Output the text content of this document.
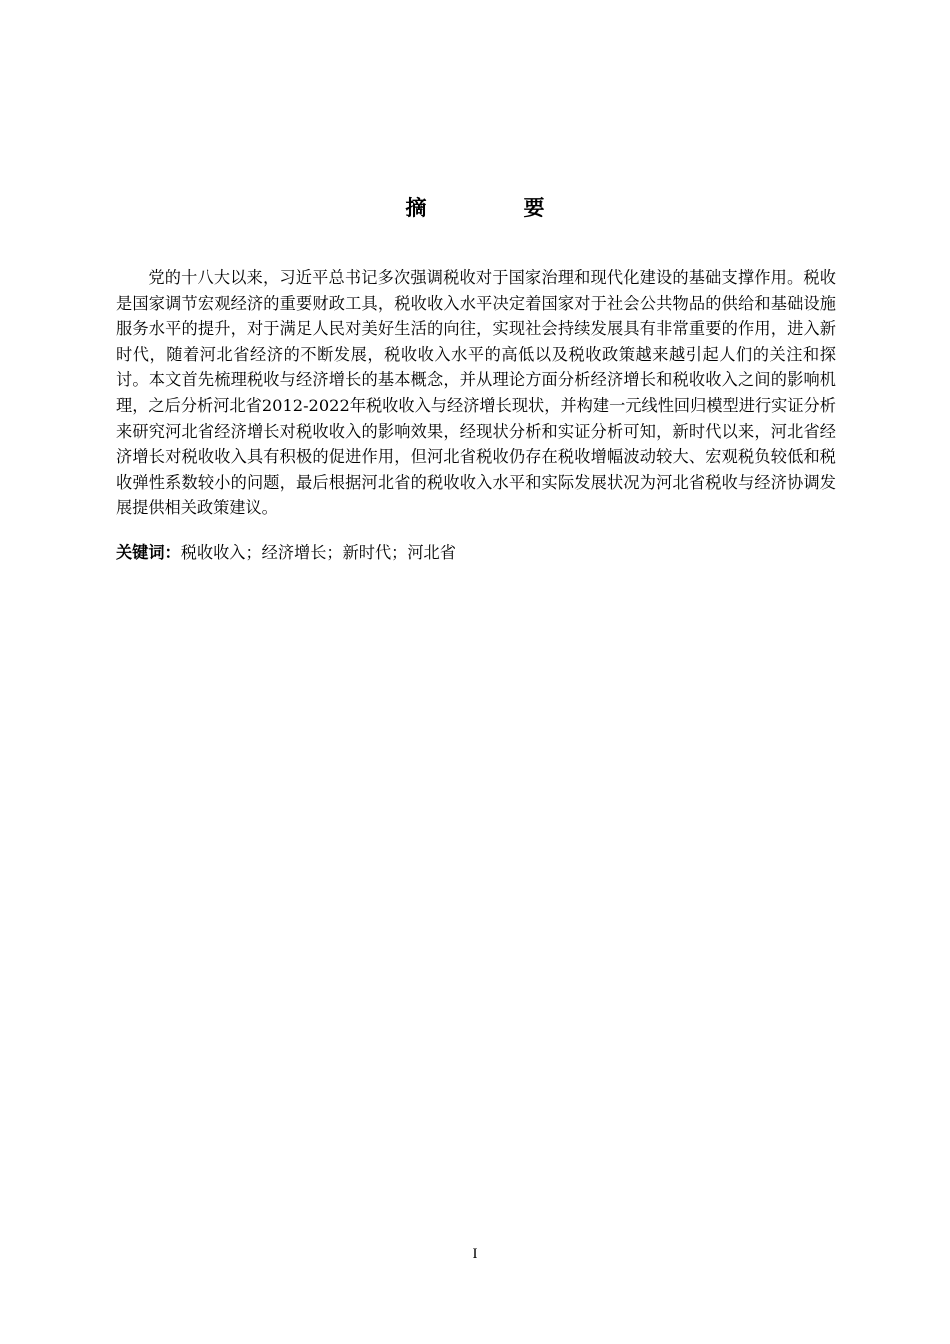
摘　要

党的十八大以来，习近平总书记多次强调税收对于国家治理和现代化建设的基础支撑作用。税收是国家调节宏观经济的重要财政工具，税收收入水平决定着国家对于社会公共物品的供给和基础设施服务水平的提升，对于满足人民对美好生活的向往，实现社会持续发展具有非常重要的作用，进入新时代，随着河北省经济的不断发展，税收收入水平的高低以及税收政策越来越引起人们的关注和探讨。本文首先梳理税收与经济增长的基本概念，并从理论方面分析经济增长和税收收入之间的影响机理，之后分析河北省2012-2022年税收收入与经济增长现状，并构建一元线性回归模型进行实证分析来研究河北省经济增长对税收收入的影响效果，经现状分析和实证分析可知，新时代以来，河北省经济增长对税收收入具有积极的促进作用，但河北省税收仍存在税收增幅波动较大、宏观税负较低和税收弹性系数较小的问题，最后根据河北省的税收收入水平和实际发展状况为河北省税收与经济协调发展提供相关政策建议。

关键词：税收收入；经济增长；新时代；河北省

I
